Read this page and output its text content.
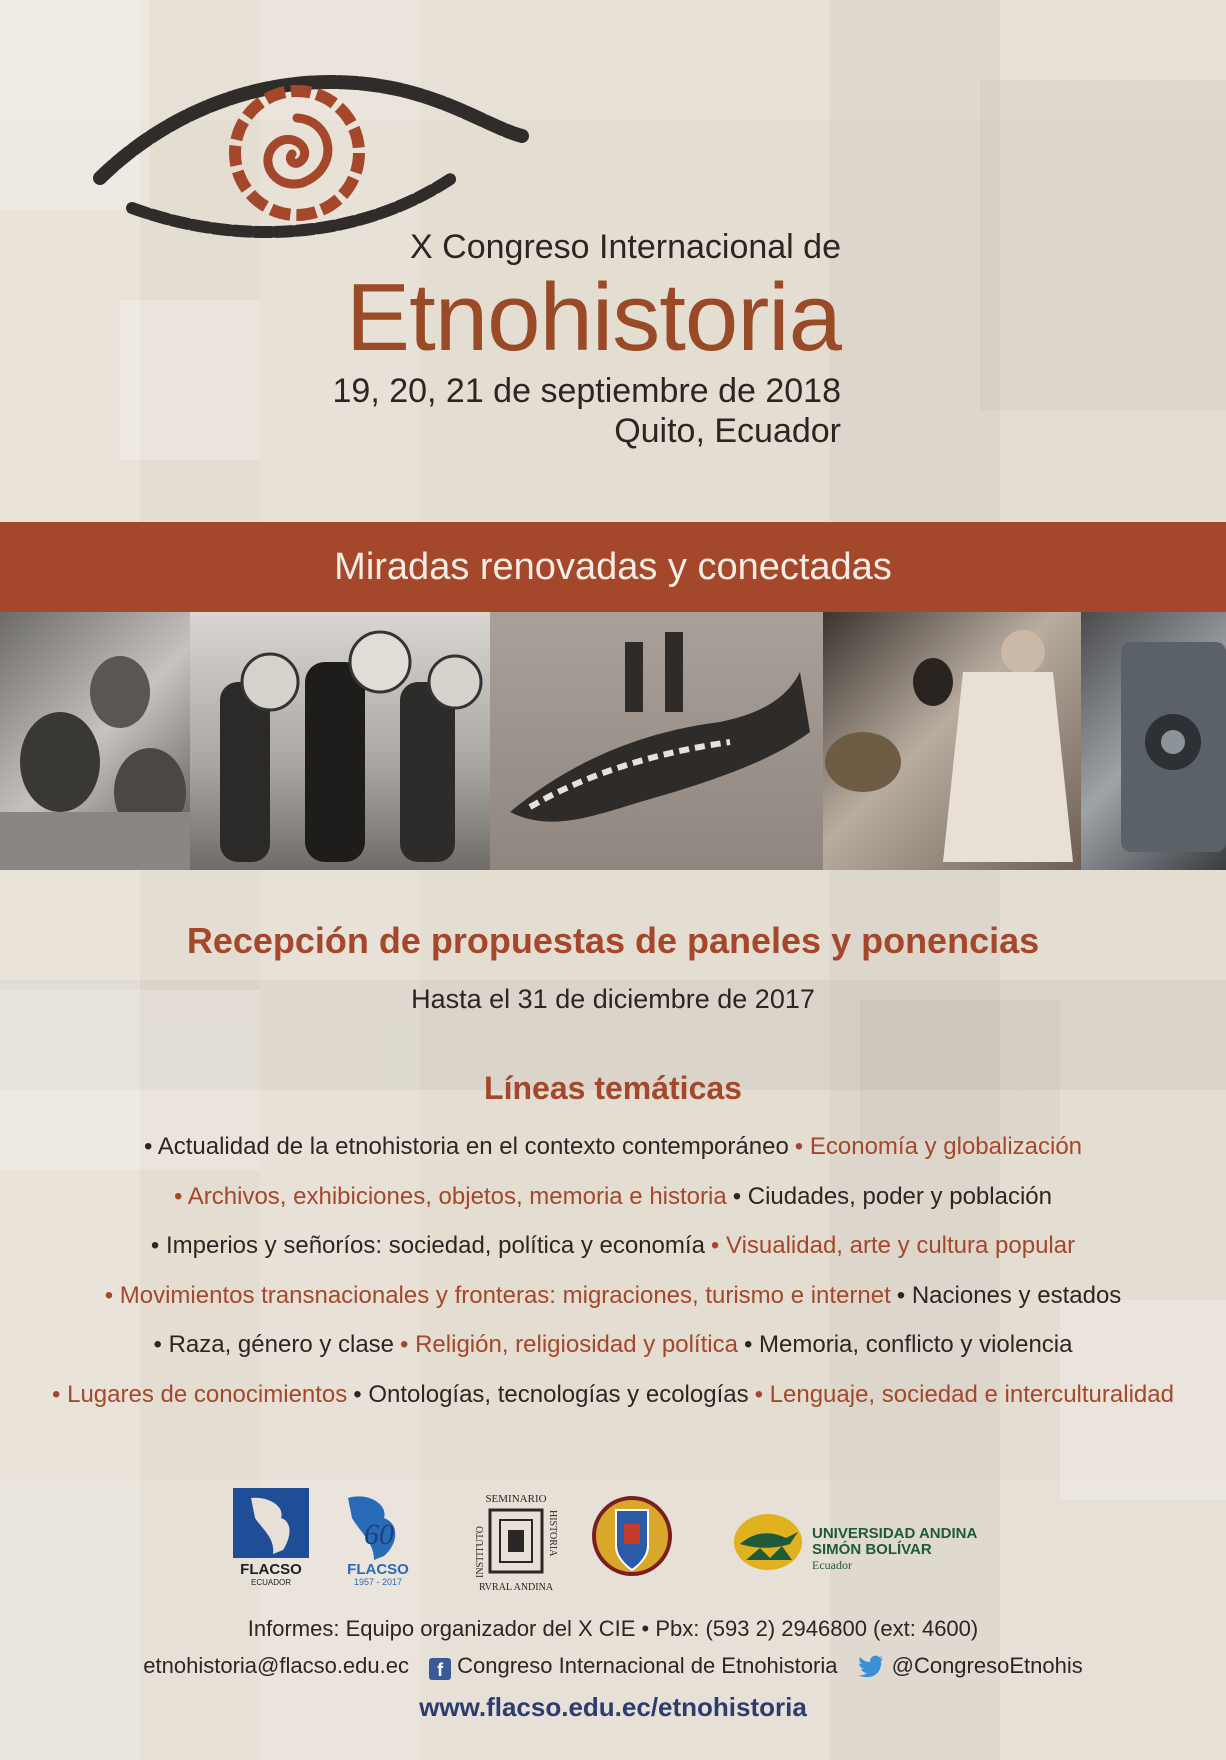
X Congreso Internacional de
Etnohistoria
19, 20, 21 de septiembre de 2018
Quito, Ecuador
Miradas renovadas y conectadas
Recepción de propuestas de paneles y ponencias
Hasta el 31 de diciembre de 2017
Líneas temáticas
• Actualidad de la etnohistoria en el contexto contemporáneo • Economía y globalización
• Archivos, exhibiciones, objetos, memoria e historia • Ciudades, poder y población
• Imperios y señoríos: sociedad, política y economía • Visualidad, arte y cultura popular
• Movimientos transnacionales y fronteras: migraciones, turismo e internet • Naciones y estados
• Raza, género y clase • Religión, religiosidad y política • Memoria, conflicto y violencia
• Lugares de conocimientos • Ontologías, tecnologías y ecologías • Lenguaje, sociedad e interculturalidad
FLACSO
ECUADOR
60
FLACSO
1957 - 2017
SEMINARIO
RVRAL ANDINA
INSTITUTO	HISTORIA	UNIVERSIDAD ANDINA
SIMÓN BOLÍVAR
Ecuador
Informes: Equipo organizador del X CIE • Pbx: (593 2) 2946800 (ext: 4600)
etnohistoria@flacso.edu.ec f Congreso Internacional de Etnohistoria @CongresoEtnohis
www.flacso.edu.ec/etnohistoria
